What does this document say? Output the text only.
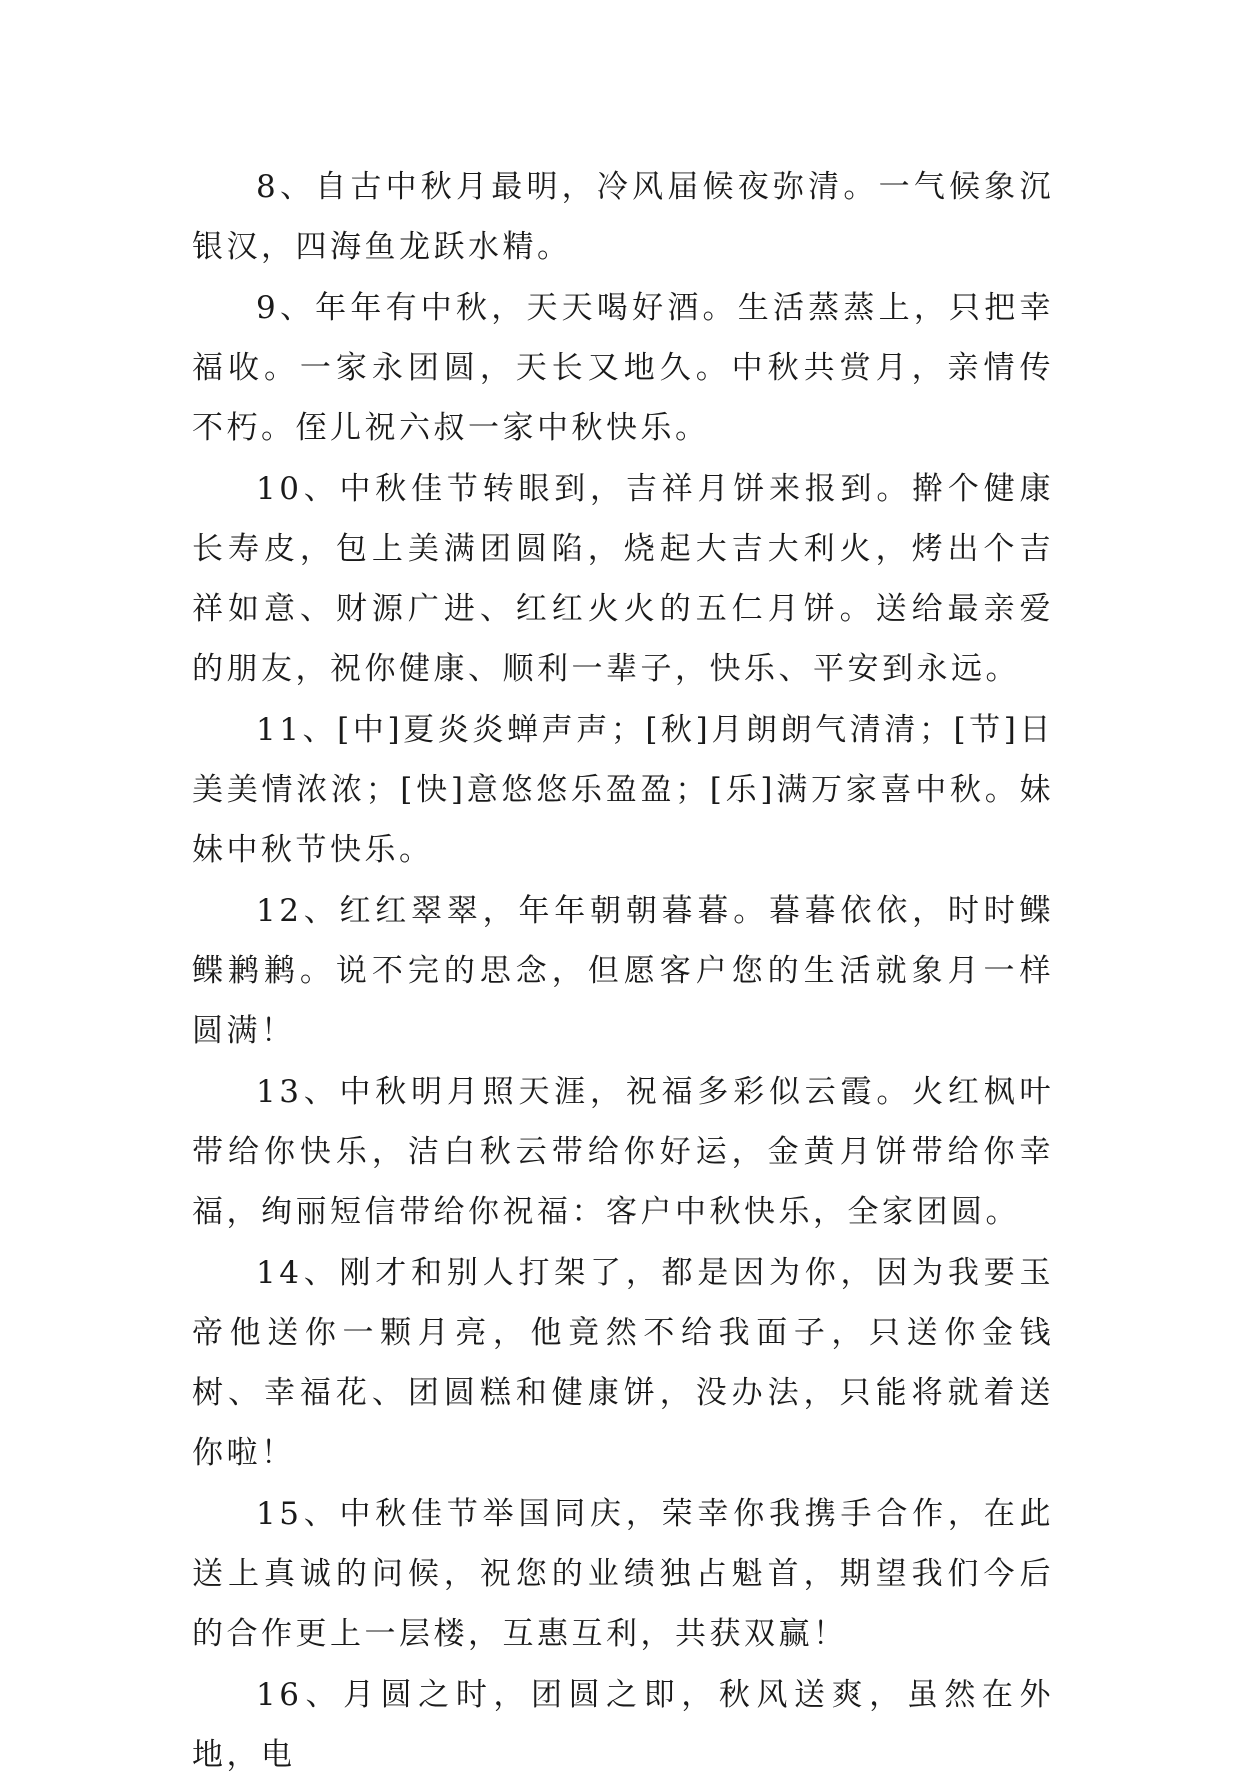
8、自古中秋月最明，冷风届候夜弥清。一气候象沉银汉，四海鱼龙跃水精。

9、年年有中秋，天天喝好酒。生活蒸蒸上，只把幸福收。一家永团圆，天长又地久。中秋共赏月，亲情传不朽。侄儿祝六叔一家中秋快乐。

10、中秋佳节转眼到，吉祥月饼来报到。擀个健康长寿皮，包上美满团圆陷，烧起大吉大利火，烤出个吉祥如意、财源广进、红红火火的五仁月饼。送给最亲爱的朋友，祝你健康、顺利一辈子，快乐、平安到永远。

11、[中]夏炎炎蝉声声；[秋]月朗朗气清清；[节]日美美情浓浓；[快]意悠悠乐盈盈；[乐]满万家喜中秋。妹妹中秋节快乐。

12、红红翠翠，年年朝朝暮暮。暮暮依依，时时鲽鲽鹣鹣。说不完的思念，但愿客户您的生活就象月一样圆满！

13、中秋明月照天涯，祝福多彩似云霞。火红枫叶带给你快乐，洁白秋云带给你好运，金黄月饼带给你幸福，绚丽短信带给你祝福：客户中秋快乐，全家团圆。

14、刚才和别人打架了，都是因为你，因为我要玉帝他送你一颗月亮，他竟然不给我面子，只送你金钱树、幸福花、团圆糕和健康饼，没办法，只能将就着送你啦！

15、中秋佳节举国同庆，荣幸你我携手合作，在此送上真诚的问候，祝您的业绩独占魁首，期望我们今后的合作更上一层楼，互惠互利，共获双赢！

16、月圆之时，团圆之即，秋风送爽，虽然在外地，电
